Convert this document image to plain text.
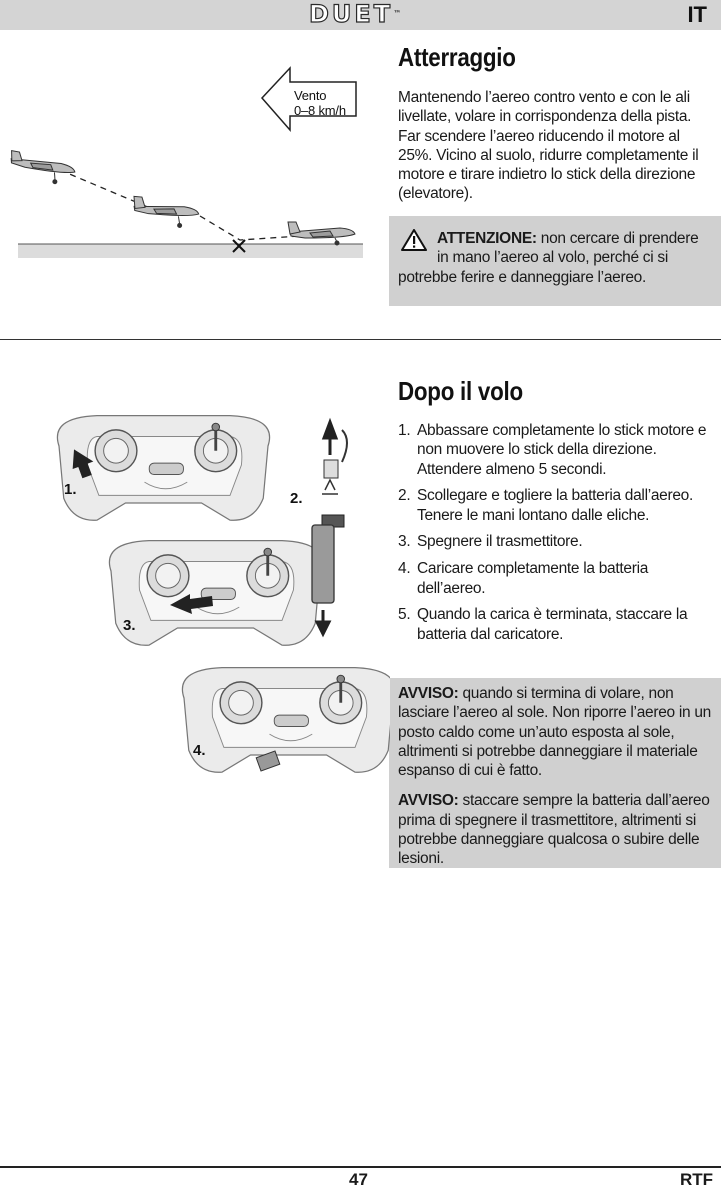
DUET™	IT
Vento
0–8 km/h
Atterraggio

Mantenendo l’aereo contro vento e con le ali livellate, volare in corrispondenza della pista. Far scendere l’aereo riducendo il motore al 25%. Vicino al suolo, ridurre completamente il motore e tirare indietro lo stick della direzione (elevatore).

ATTENZIONE: non cercare di prendere in mano l’aereo al volo, perché ci si potrebbe ferire e danneggiare l’aereo.

Dopo il volo
1. Abbassare completamente lo stick motore e non muovere lo stick della direzione. Attendere almeno 5 secondi.
2. Scollegare e togliere la batteria dall’aereo. Tenere le mani lontano dalle eliche.
3. Spegnere il trasmettitore.
4. Caricare completamente la batteria dell’aereo.
5. Quando la carica è terminata, staccare la batteria dal caricatore.

AVVISO: quando si termina di volare, non lasciare l’aereo al sole. Non riporre l’aereo in un posto caldo come un’auto esposta al sole, altrimenti si potrebbe danneggiare il materiale espanso di cui è fatto.

AVVISO: staccare sempre la batteria dall’aereo prima di spegnere il trasmettitore, altrimenti si potrebbe danneggiare qualcosa o subire delle lesioni.

1.
2.
3.
4.
47	RTF
